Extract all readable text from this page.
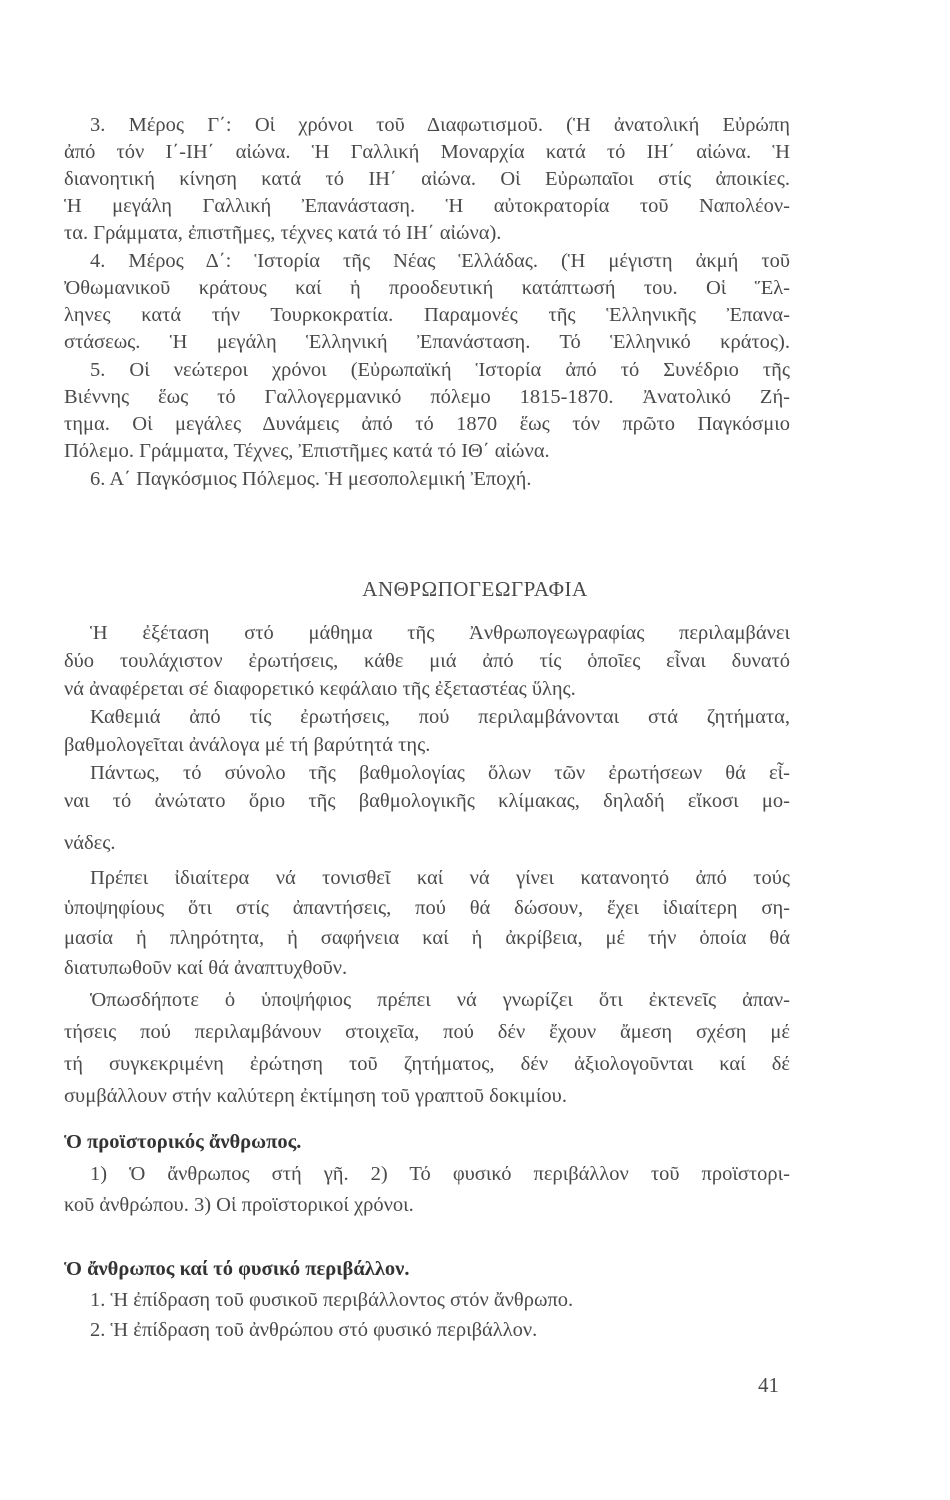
3. Μέρος Γ΄: Οἱ χρόνοι τοῦ Διαφωτισμοῦ. (Ἡ ἀνατολική Εὐρώπη
ἀπό τόν Ι΄-ΙΗ΄ αἰώνα. Ἡ Γαλλική Μοναρχία κατά τό ΙΗ΄ αἰώνα. Ἡ
διανοητική κίνηση κατά τό ΙΗ΄ αἰώνα. Οἱ Εὐρωπαῖοι στίς ἀποικίες.
Ἡ μεγάλη Γαλλική Ἐπανάσταση. Ἡ αὐτοκρατορία τοῦ Ναπολέον-
τα. Γράμματα, ἐπιστῆμες, τέχνες κατά τό ΙΗ΄ αἰώνα).
4. Μέρος Δ΄: Ἱστορία τῆς Νέας Ἑλλάδας. (Ἡ μέγιστη ἀκμή τοῦ
Ὀθωμανικοῦ κράτους καί ἡ προοδευτική κατάπτωσή του. Οἱ Ἕλ-
ληνες κατά τήν Τουρκοκρατία. Παραμονές τῆς Ἑλληνικῆς Ἐπανα-
στάσεως. Ἡ μεγάλη Ἑλληνική Ἐπανάσταση. Τό Ἑλληνικό κράτος).
5. Οἱ νεώτεροι χρόνοι (Εὐρωπαϊκή Ἱστορία ἀπό τό Συνέδριο τῆς
Βιέννης ἕως τό Γαλλογερμανικό πόλεμο 1815-1870. Ἀνατολικό Ζή-
τημα. Οἱ μεγάλες Δυνάμεις ἀπό τό 1870 ἕως τόν πρῶτο Παγκόσμιο
Πόλεμο. Γράμματα, Τέχνες, Ἐπιστῆμες κατά τό ΙΘ΄ αἰώνα.
6. Α΄ Παγκόσμιος Πόλεμος. Ἡ μεσοπολεμική Ἐποχή.
ΑΝΘΡΩΠΟΓΕΩΓΡΑΦΙΑ
Ἡ ἐξέταση στό μάθημα τῆς Ἀνθρωπογεωγραφίας περιλαμβάνει
δύο τουλάχιστον ἐρωτήσεις, κάθε μιά ἀπό τίς ὁποῖες εἶναι δυνατό
νά ἀναφέρεται σέ διαφορετικό κεφάλαιο τῆς ἐξεταστέας ὕλης.
Καθεμιά ἀπό τίς ἐρωτήσεις, πού περιλαμβάνονται στά ζητήματα,
βαθμολογεῖται ἀνάλογα μέ τή βαρύτητά της.
Πάντως, τό σύνολο τῆς βαθμολογίας ὅλων τῶν ἐρωτήσεων θά εἶ-
ναι τό ἀνώτατο ὅριο τῆς βαθμολογικῆς κλίμακας, δηλαδή εἴκοσι μο-
νάδες.
Πρέπει ἰδιαίτερα νά τονισθεῖ καί νά γίνει κατανοητό ἀπό τούς
ὑποψηφίους ὅτι στίς ἀπαντήσεις, πού θά δώσουν, ἔχει ἰδιαίτερη ση-
μασία ἡ πληρότητα, ἡ σαφήνεια καί ἡ ἀκρίβεια, μέ τήν ὁποία θά
διατυπωθοῦν καί θά ἀναπτυχθοῦν.
Ὁπωσδήποτε ὁ ὑποψήφιος πρέπει νά γνωρίζει ὅτι ἐκτενεῖς ἀπαν-
τήσεις πού περιλαμβάνουν στοιχεῖα, πού δέν ἔχουν ἄμεση σχέση μέ
τή συγκεκριμένη ἐρώτηση τοῦ ζητήματος, δέν ἀξιολογοῦνται καί δέ
συμβάλλουν στήν καλύτερη ἐκτίμηση τοῦ γραπτοῦ δοκιμίου.
Ὁ προϊστορικός ἄνθρωπος.
1) Ὁ ἄνθρωπος στή γῆ. 2) Τό φυσικό περιβάλλον τοῦ προϊστορι-
κοῦ ἀνθρώπου. 3) Οἱ προϊστορικοί χρόνοι.
Ὁ ἄνθρωπος καί τό φυσικό περιβάλλον.
1. Ἡ ἐπίδραση τοῦ φυσικοῦ περιβάλλοντος στόν ἄνθρωπο.
2. Ἡ ἐπίδραση τοῦ ἀνθρώπου στό φυσικό περιβάλλον.
41
